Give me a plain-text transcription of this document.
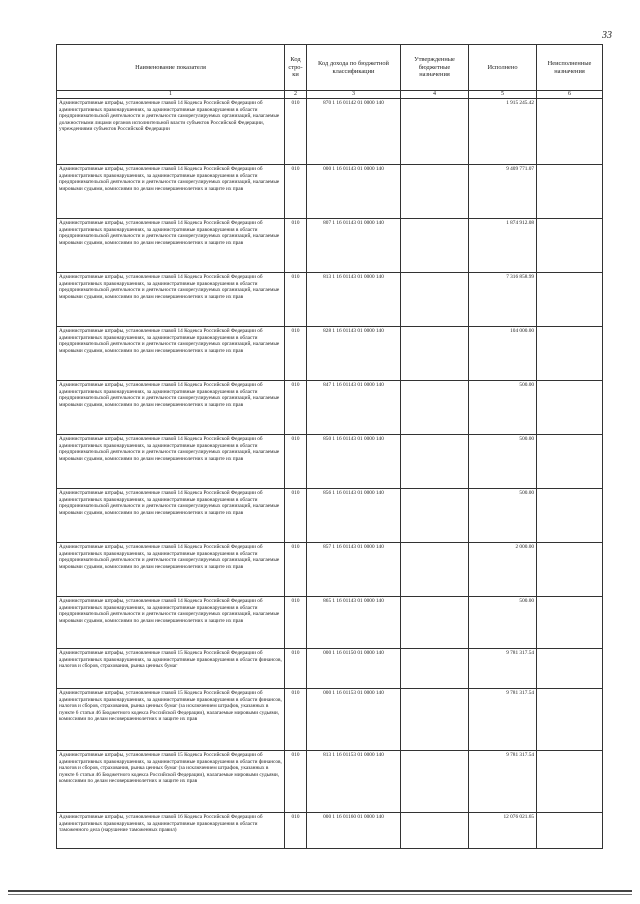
33
Наименование показателя	Код стро-ки	Код дохода по бюджетной классификации	Утвержденные бюджетные назначения	Исполнено	Неисполненные назначения
1	2	3	4	5	6
Административные штрафы, установленные главой 14 Кодекса Российской Федерации об административных правонарушениях, за административные правонарушения в области предпринимательской деятельности и деятельности саморегулируемых организаций, налагаемые должностными лицами органов исполнительной власти субъектов Российской Федерации, учреждениями субъектов Российской Федерации	010	870 1 16 01142 01 0000 140		1 915 245.42	
Административные штрафы, установленные главой 14 Кодекса Российской Федерации об административных правонарушениях, за административные правонарушения в области предпринимательской деятельности и деятельности саморегулируемых организаций, налагаемые мировыми судьями, комиссиями по делам несовершеннолетних и защите их прав	010	000 1 16 01143 01 0000 140		9 409 771.07	
Административные штрафы, установленные главой 14 Кодекса Российской Федерации об административных правонарушениях, за административные правонарушения в области предпринимательской деятельности и деятельности саморегулируемых организаций, налагаемые мировыми судьями, комиссиями по делам несовершеннолетних и защите их прав	010	807 1 16 01143 01 0000 140		1 874 912.08	
Административные штрафы, установленные главой 14 Кодекса Российской Федерации об административных правонарушениях, за административные правонарушения в области предпринимательской деятельности и деятельности саморегулируемых организаций, налагаемые мировыми судьями, комиссиями по делам несовершеннолетних и защите их прав	010	813 1 16 01143 01 0000 140		7 316 858.99	
Административные штрафы, установленные главой 14 Кодекса Российской Федерации об административных правонарушениях, за административные правонарушения в области предпринимательской деятельности и деятельности саморегулируемых организаций, налагаемые мировыми судьями, комиссиями по делам несовершеннолетних и защите их прав	010	828 1 16 01143 01 0000 140		104 000.00	
Административные штрафы, установленные главой 14 Кодекса Российской Федерации об административных правонарушениях, за административные правонарушения в области предпринимательской деятельности и деятельности саморегулируемых организаций, налагаемые мировыми судьями, комиссиями по делам несовершеннолетних и защите их прав	010	847 1 16 01143 01 0000 140		500.00	
Административные штрафы, установленные главой 14 Кодекса Российской Федерации об административных правонарушениях, за административные правонарушения в области предпринимательской деятельности и деятельности саморегулируемых организаций, налагаемые мировыми судьями, комиссиями по делам несовершеннолетних и защите их прав	010	850 1 16 01143 01 0000 140		500.00	
Административные штрафы, установленные главой 14 Кодекса Российской Федерации об административных правонарушениях, за административные правонарушения в области предпринимательской деятельности и деятельности саморегулируемых организаций, налагаемые мировыми судьями, комиссиями по делам несовершеннолетних и защите их прав	010	856 1 16 01143 01 0000 140		500.00	
Административные штрафы, установленные главой 14 Кодекса Российской Федерации об административных правонарушениях, за административные правонарушения в области предпринимательской деятельности и деятельности саморегулируемых организаций, налагаемые мировыми судьями, комиссиями по делам несовершеннолетних и защите их прав	010	857 1 16 01143 01 0000 140		2 000.00	
Административные штрафы, установленные главой 14 Кодекса Российской Федерации об административных правонарушениях, за административные правонарушения в области предпринимательской деятельности и деятельности саморегулируемых организаций, налагаемые мировыми судьями, комиссиями по делам несовершеннолетних и защите их прав	010	865 1 16 01143 01 0000 140		500.00	
Административные штрафы, установленные главой 15 Кодекса Российской Федерации об административных правонарушениях, за административные правонарушения в области финансов, налогов и сборов, страхования, рынка ценных бумаг	010	000 1 16 01150 01 0000 140		9 781 317.54	
Административные штрафы, установленные главой 15 Кодекса Российской Федерации об административных правонарушениях, за административные правонарушения в области финансов, налогов и сборов, страхования, рынка ценных бумаг (за исключением штрафов, указанных в пункте 6 статьи 46 Бюджетного кодекса Российской Федерации), налагаемые мировыми судьями, комиссиями по делам несовершеннолетних и защите их прав	010	000 1 16 01153 01 0000 140		9 781 317.54	
Административные штрафы, установленные главой 15 Кодекса Российской Федерации об административных правонарушениях, за административные правонарушения в области финансов, налогов и сборов, страхования, рынка ценных бумаг (за исключением штрафов, указанных в пункте 6 статьи 46 Бюджетного кодекса Российской Федерации), налагаемые мировыми судьями, комиссиями по делам несовершеннолетних и защите их прав	010	813 1 16 01153 01 0000 140		9 781 317.54	
Административные штрафы, установленные главой 16 Кодекса Российской Федерации об административных правонарушениях, за административные правонарушения в области таможенного дела (нарушение таможенных правил)	010	000 1 16 01160 01 0000 140		12 076 021.65	
